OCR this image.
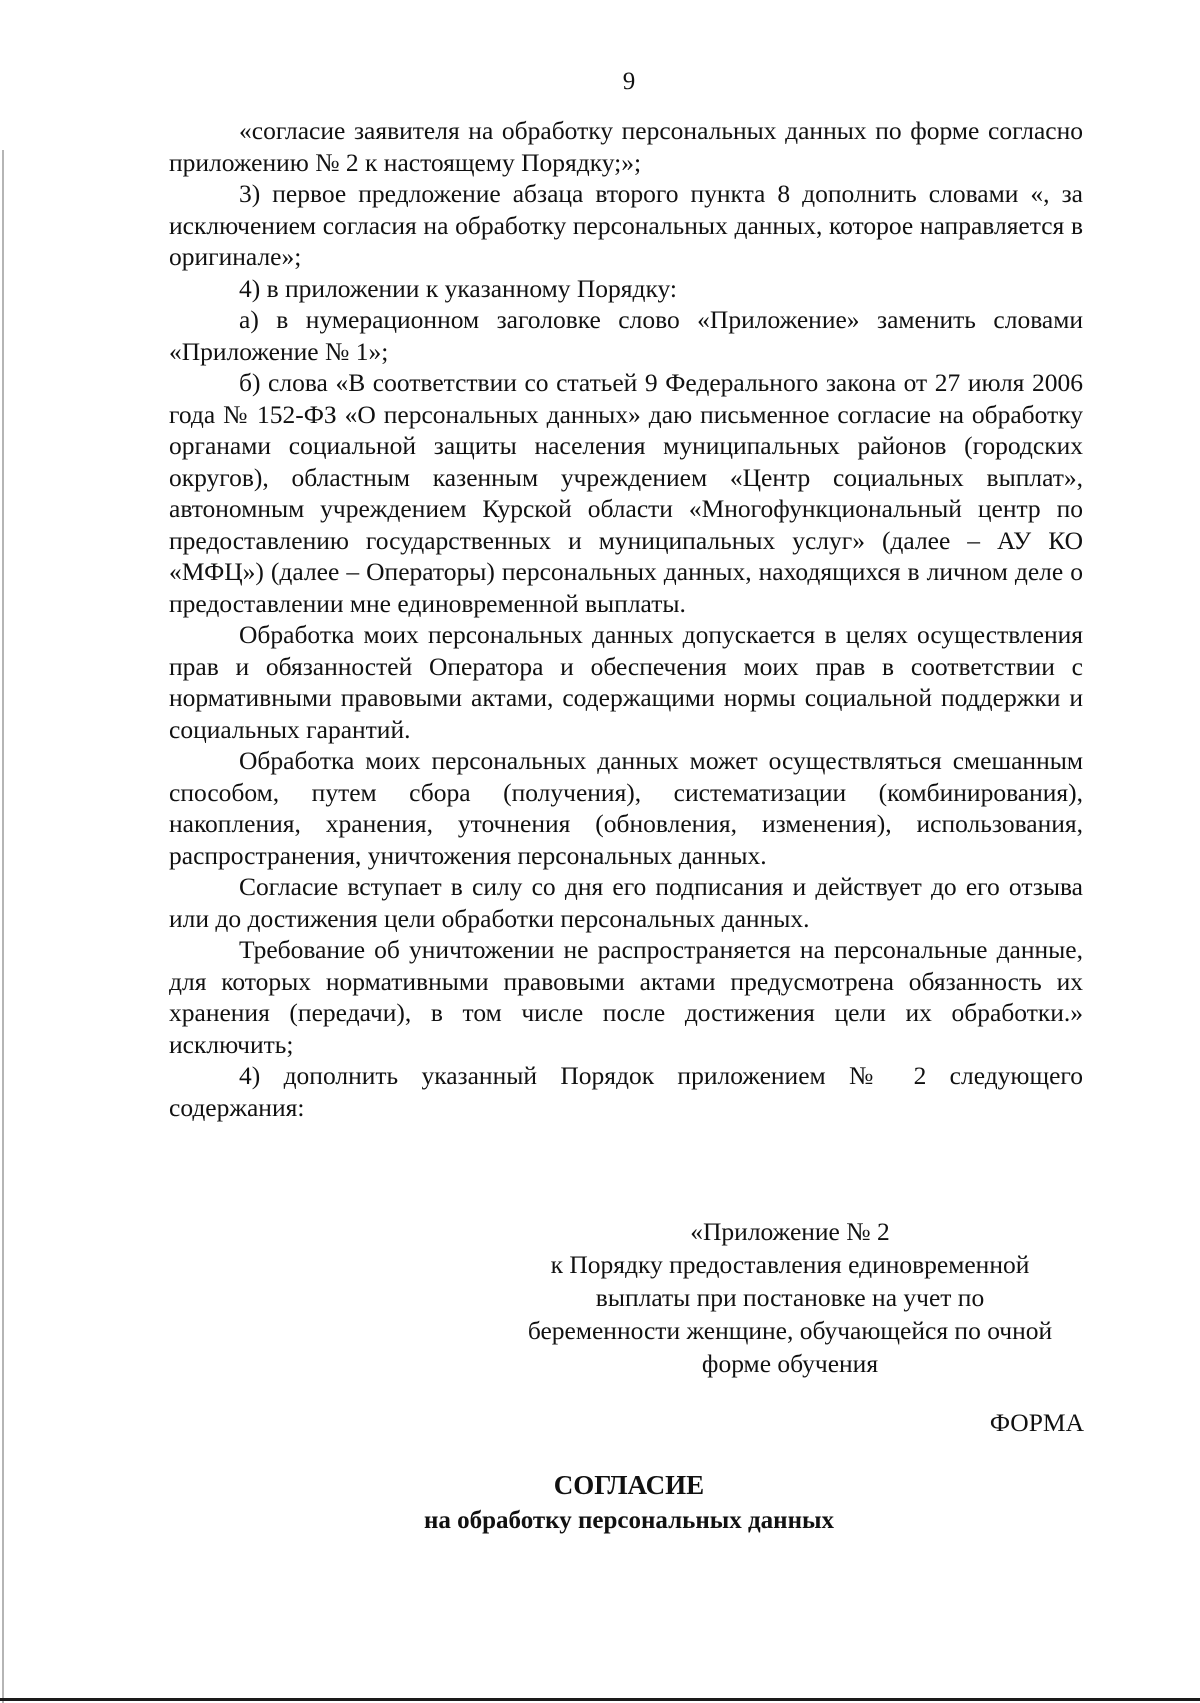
9

«согласие заявителя на обработку персональных данных по форме согласно приложению № 2 к настоящему Порядку;»;

3) первое предложение абзаца второго пункта 8 дополнить словами «, за исключением согласия на обработку персональных данных, которое направляется в оригинале»;

4) в приложении к указанному Порядку:

а) в нумерационном заголовке слово «Приложение» заменить словами «Приложение № 1»;

б) слова «В соответствии со статьей 9 Федерального закона от 27 июля 2006 года № 152-ФЗ «О персональных данных» даю письменное согласие на обработку органами социальной защиты населения муниципальных районов (городских округов), областным казенным учреждением «Центр социальных выплат», автономным учреждением Курской области «Многофункциональный центр по предоставлению государственных и муниципальных услуг» (далее – АУ КО «МФЦ») (далее – Операторы) персональных данных, находящихся в личном деле о предоставлении мне единовременной выплаты.

Обработка моих персональных данных допускается в целях осуществления прав и обязанностей Оператора и обеспечения моих прав в соответствии с нормативными правовыми актами, содержащими нормы социальной поддержки и социальных гарантий.

Обработка моих персональных данных может осуществляться смешанным способом, путем сбора (получения), систематизации (комбинирования), накопления, хранения, уточнения (обновления, изменения), использования, распространения, уничтожения персональных данных.

Согласие вступает в силу со дня его подписания и действует до его отзыва или до достижения цели обработки персональных данных.

Требование об уничтожении не распространяется на персональные данные, для которых нормативными правовыми актами предусмотрена обязанность их хранения (передачи), в том числе после достижения цели их обработки.» исключить;

4) дополнить указанный Порядок приложением № 2 следующего содержания:

«Приложение № 2
к Порядку предоставления единовременной
выплаты при постановке на учет по
беременности женщине, обучающейся по очной
форме обучения
ФОРМА
СОГЛАСИЕ
на обработку персональных данных
